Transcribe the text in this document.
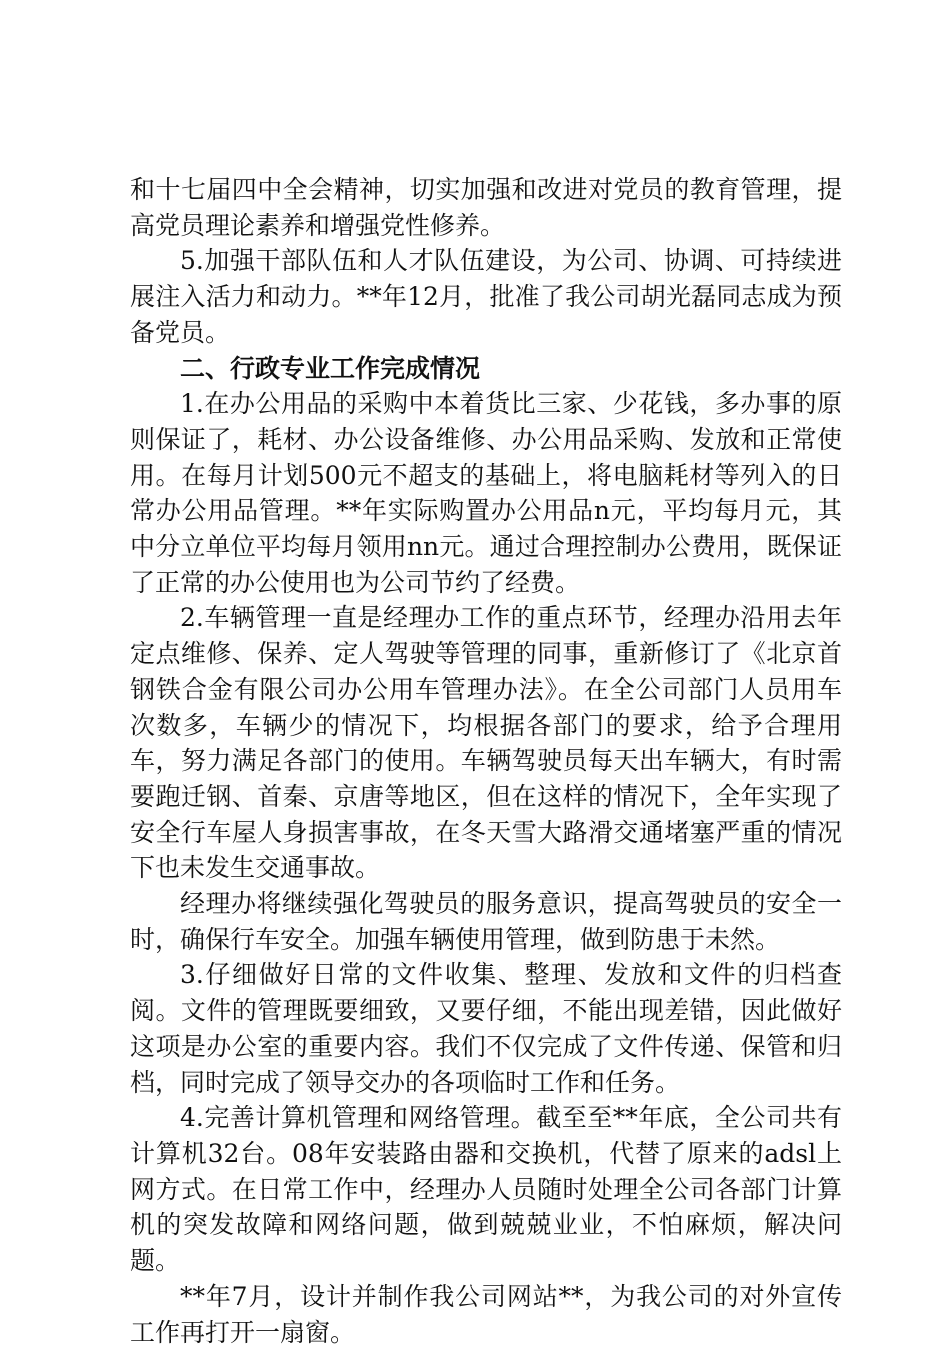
和十七届四中全会精神，切实加强和改进对党员的教育管理，提高党员理论素养和增强党性修养。

5.加强干部队伍和人才队伍建设，为公司、协调、可持续进展注入活力和动力。**年12月，批准了我公司胡光磊同志成为预备党员。

二、行政专业工作完成情况

1.在办公用品的采购中本着货比三家、少花钱，多办事的原则保证了，耗材、办公设备维修、办公用品采购、发放和正常使用。在每月计划500元不超支的基础上，将电脑耗材等列入的日常办公用品管理。**年实际购置办公用品n元，平均每月元，其中分立单位平均每月领用nn元。通过合理控制办公费用，既保证了正常的办公使用也为公司节约了经费。

2.车辆管理一直是经理办工作的重点环节，经理办沿用去年定点维修、保养、定人驾驶等管理的同事，重新修订了《北京首钢铁合金有限公司办公用车管理办法》。在全公司部门人员用车次数多，车辆少的情况下，均根据各部门的要求，给予合理用车，努力满足各部门的使用。车辆驾驶员每天出车辆大，有时需要跑迁钢、首秦、京唐等地区，但在这样的情况下，全年实现了安全行车屋人身损害事故，在冬天雪大路滑交通堵塞严重的情况下也未发生交通事故。

经理办将继续强化驾驶员的服务意识，提高驾驶员的安全一时，确保行车安全。加强车辆使用管理，做到防患于未然。

3.仔细做好日常的文件收集、整理、发放和文件的归档查阅。文件的管理既要细致，又要仔细，不能出现差错，因此做好这项是办公室的重要内容。我们不仅完成了文件传递、保管和归档，同时完成了领导交办的各项临时工作和任务。

4.完善计算机管理和网络管理。截至至**年底，全公司共有计算机32台。08年安装路由器和交换机，代替了原来的adsl上网方式。在日常工作中，经理办人员随时处理全公司各部门计算机的突发故障和网络问题，做到兢兢业业，不怕麻烦，解决问题。

**年7月，设计并制作我公司网站**，为我公司的对外宣传工作再打开一扇窗。
